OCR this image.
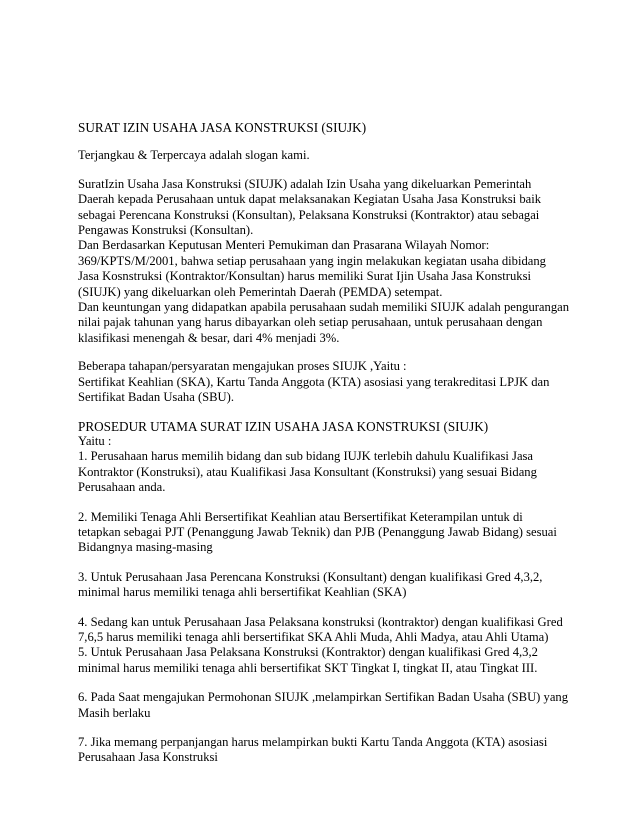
SURAT IZIN USAHA JASA KONSTRUKSI (SIUJK)
Terjangkau & Terpercaya adalah slogan kami.
SuratIzin Usaha Jasa Konstruksi (SIUJK) adalah Izin Usaha yang dikeluarkan Pemerintah
Daerah kepada Perusahaan untuk dapat melaksanakan Kegiatan Usaha Jasa Konstruksi baik
sebagai Perencana Konstruksi (Konsultan), Pelaksana Konstruksi (Kontraktor) atau sebagai
Pengawas Konstruksi (Konsultan).
Dan Berdasarkan Keputusan Menteri Pemukiman dan Prasarana Wilayah Nomor:
369/KPTS/M/2001, bahwa setiap perusahaan yang ingin melakukan kegiatan usaha dibidang
Jasa Kosnstruksi (Kontraktor/Konsultan) harus memiliki Surat Ijin Usaha Jasa Konstruksi
(SIUJK) yang dikeluarkan oleh Pemerintah Daerah (PEMDA) setempat.
Dan keuntungan yang didapatkan apabila perusahaan sudah memiliki SIUJK adalah pengurangan
nilai pajak tahunan yang harus dibayarkan oleh setiap perusahaan, untuk perusahaan dengan
klasifikasi menengah & besar, dari 4% menjadi 3%.
Beberapa tahapan/persyaratan mengajukan proses SIUJK ,Yaitu :
Sertifikat Keahlian (SKA), Kartu Tanda Anggota (KTA) asosiasi yang terakreditasi LPJK dan
Sertifikat Badan Usaha (SBU).
PROSEDUR UTAMA SURAT IZIN USAHA JASA KONSTRUKSI (SIUJK)
Yaitu :
1. Perusahaan harus memilih bidang dan sub bidang IUJK terlebih dahulu Kualifikasi Jasa
Kontraktor (Konstruksi), atau Kualifikasi Jasa Konsultant (Konstruksi) yang sesuai Bidang
Perusahaan anda.
2. Memiliki Tenaga Ahli Bersertifikat Keahlian atau Bersertifikat Keterampilan untuk di
tetapkan sebagai PJT (Penanggung Jawab Teknik) dan PJB (Penanggung Jawab Bidang) sesuai
Bidangnya masing-masing
3. Untuk Perusahaan Jasa Perencana Konstruksi (Konsultant) dengan kualifikasi Gred 4,3,2,
minimal harus memiliki tenaga ahli bersertifikat Keahlian (SKA)
4. Sedang kan untuk Perusahaan Jasa Pelaksana konstruksi (kontraktor) dengan kualifikasi Gred
7,6,5 harus memiliki tenaga ahli bersertifikat SKA Ahli Muda, Ahli Madya, atau Ahli Utama)
5. Untuk Perusahaan Jasa Pelaksana Konstruksi (Kontraktor) dengan kualifikasi Gred 4,3,2
minimal harus memiliki tenaga ahli bersertifikat SKT Tingkat I, tingkat II, atau Tingkat III.
6. Pada Saat mengajukan Permohonan SIUJK ,melampirkan Sertifikan Badan Usaha (SBU) yang
Masih berlaku
7. Jika memang perpanjangan harus melampirkan bukti Kartu Tanda Anggota (KTA) asosiasi
Perusahaan Jasa Konstruksi
